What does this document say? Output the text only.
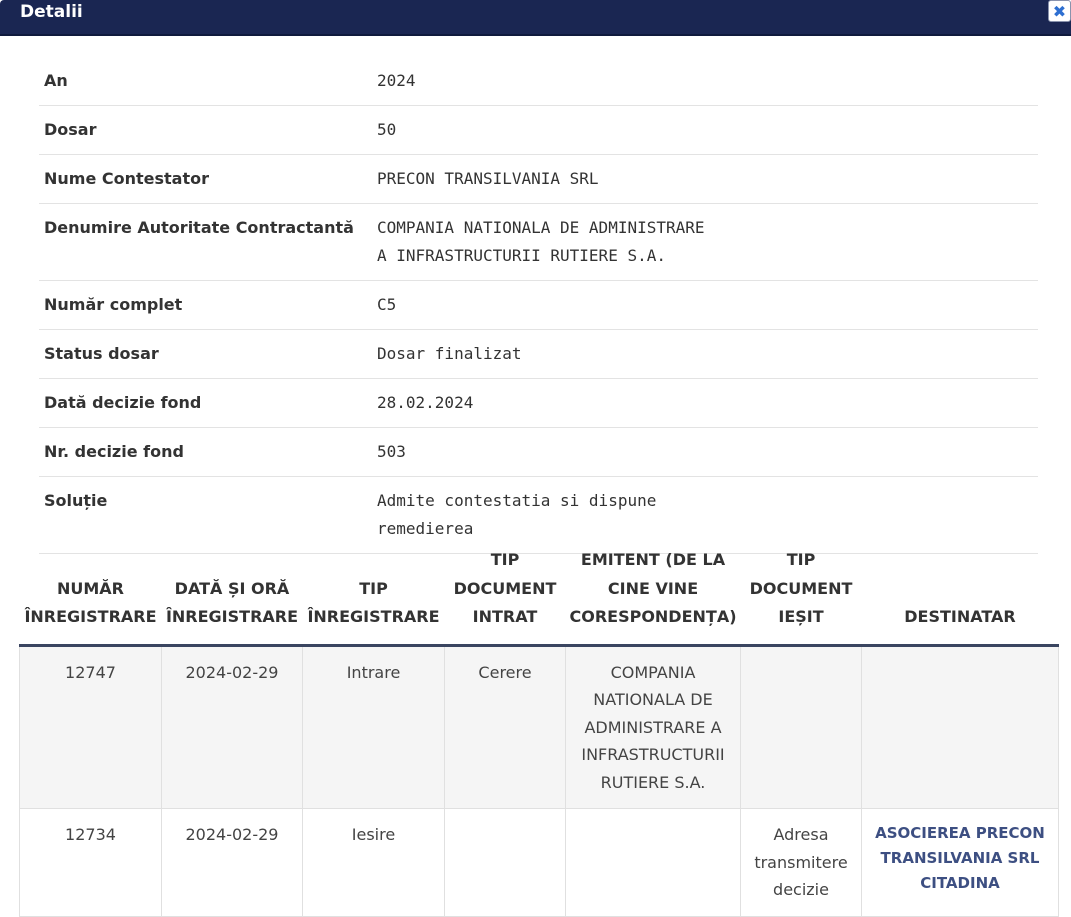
Detalii	✖
An	2024
Dosar	50
Nume Contestator	PRECON TRANSILVANIA SRL
Denumire Autoritate Contractantă	COMPANIA NATIONALA DE ADMINISTRARE A INFRASTRUCTURII RUTIERE S.A.
Număr complet	C5
Status dosar	Dosar finalizat
Dată decizie fond	28.02.2024
Nr. decizie fond	503
Soluție	Admite contestatia si dispune remedierea
NUMĂR ÎNREGISTRARE	DATĂ ȘI ORĂ ÎNREGISTRARE	TIP ÎNREGISTRARE	TIP DOCUMENT INTRAT	EMITENT (DE LA CINE VINE CORESPONDENȚA)	TIP DOCUMENT IEȘIT	DESTINATAR
12747	2024-02-29	Intrare	Cerere	COMPANIA NATIONALA DE ADMINISTRARE A INFRASTRUCTURII RUTIERE S.A.		
12734	2024-02-29	Iesire			Adresa transmitere decizie	ASOCIEREA PRECON TRANSILVANIA SRL CITADINA
